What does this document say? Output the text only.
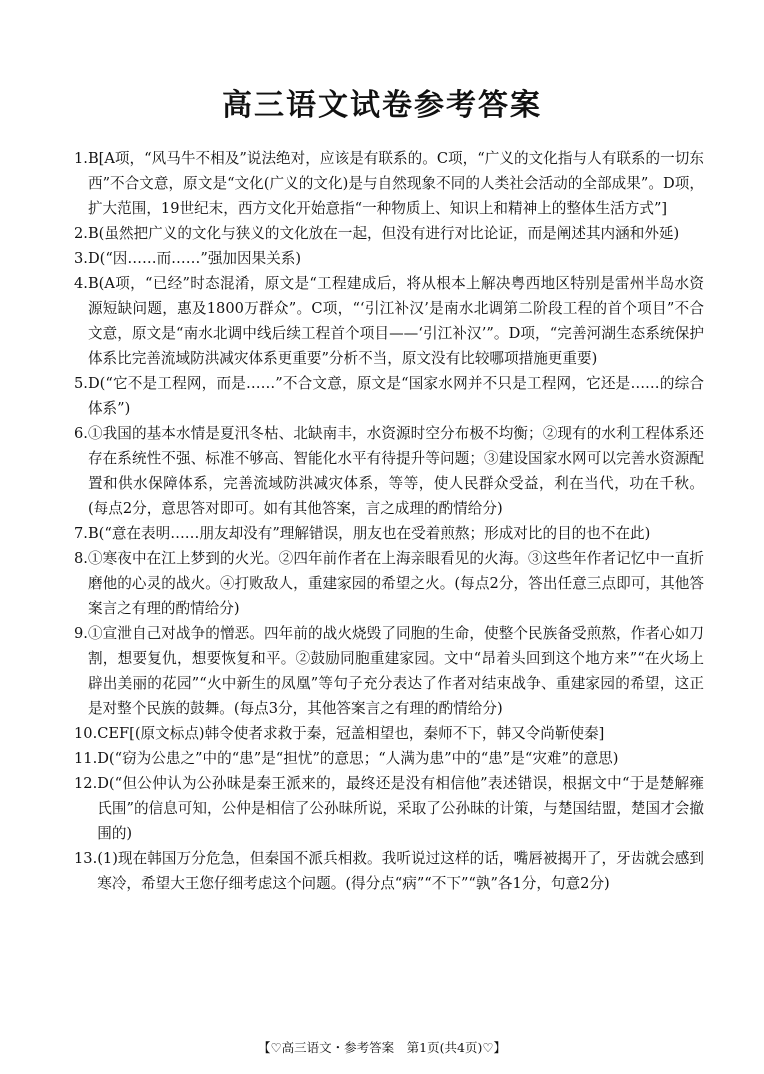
高三语文试卷参考答案
1. B[A项，“风马牛不相及”说法绝对，应该是有联系的。C项，“广义的文化指与人有联系的一切东西”不合文意，原文是“文化(广义的文化)是与自然现象不同的人类社会活动的全部成果”。D项，扩大范围，19世纪末，西方文化开始意指“一种物质上、知识上和精神上的整体生活方式”]
2. B(虽然把广义的文化与狭义的文化放在一起，但没有进行对比论证，而是阐述其内涵和外延)
3. D(“因……而……”强加因果关系)
4. B(A项，“已经”时态混淆，原文是“工程建成后，将从根本上解决粤西地区特别是雷州半岛水资源短缺问题，惠及1800万群众”。C项，“‘引江补汉’是南水北调第二阶段工程的首个项目”不合文意，原文是“南水北调中线后续工程首个项目——‘引江补汉’”。D项，“完善河湖生态系统保护体系比完善流域防洪减灾体系更重要”分析不当，原文没有比较哪项措施更重要)
5. D(“它不是工程网，而是……”不合文意，原文是“国家水网并不只是工程网，它还是……的综合体系”)
6. ①我国的基本水情是夏汛冬枯、北缺南丰，水资源时空分布极不均衡；②现有的水利工程体系还存在系统性不强、标准不够高、智能化水平有待提升等问题；③建设国家水网可以完善水资源配置和供水保障体系，完善流域防洪减灾体系，等等，使人民群众受益，利在当代，功在千秋。(每点2分，意思答对即可。如有其他答案，言之成理的酌情给分)
7. B(“意在表明……朋友却没有”理解错误，朋友也在受着煎熬；形成对比的目的也不在此)
8. ①寒夜中在江上梦到的火光。②四年前作者在上海亲眼看见的火海。③这些年作者记忆中一直折磨他的心灵的战火。④打败敌人，重建家园的希望之火。(每点2分，答出任意三点即可，其他答案言之有理的酌情给分)
9. ①宣泄自己对战争的憎恶。四年前的战火烧毁了同胞的生命，使整个民族备受煎熬，作者心如刀割，想要复仇，想要恢复和平。②鼓励同胞重建家园。文中“昂着头回到这个地方来”“在火场上辟出美丽的花园”“火中新生的凤凰”等句子充分表达了作者对结束战争、重建家园的希望，这正是对整个民族的鼓舞。(每点3分，其他答案言之有理的酌情给分)
10. CEF[(原文标点)韩令使者求救于秦，冠盖相望也，秦师不下，韩又令尚靳使秦]
11. D(“窃为公患之”中的“患”是“担忧”的意思；“人满为患”中的“患”是“灾难”的意思)
12. D(“但公仲认为公孙昧是秦王派来的，最终还是没有相信他”表述错误，根据文中“于是楚解雍氏围”的信息可知，公仲是相信了公孙昧所说，采取了公孙昧的计策，与楚国结盟，楚国才会撤围的)
13. (1)现在韩国万分危急，但秦国不派兵相救。我听说过这样的话，嘴唇被揭开了，牙齿就会感到寒冷，希望大王您仔细考虑这个问题。(得分点“病”“不下”“孰”各1分，句意2分)
【♡高三语文・参考答案　第1页(共4页)♡】
